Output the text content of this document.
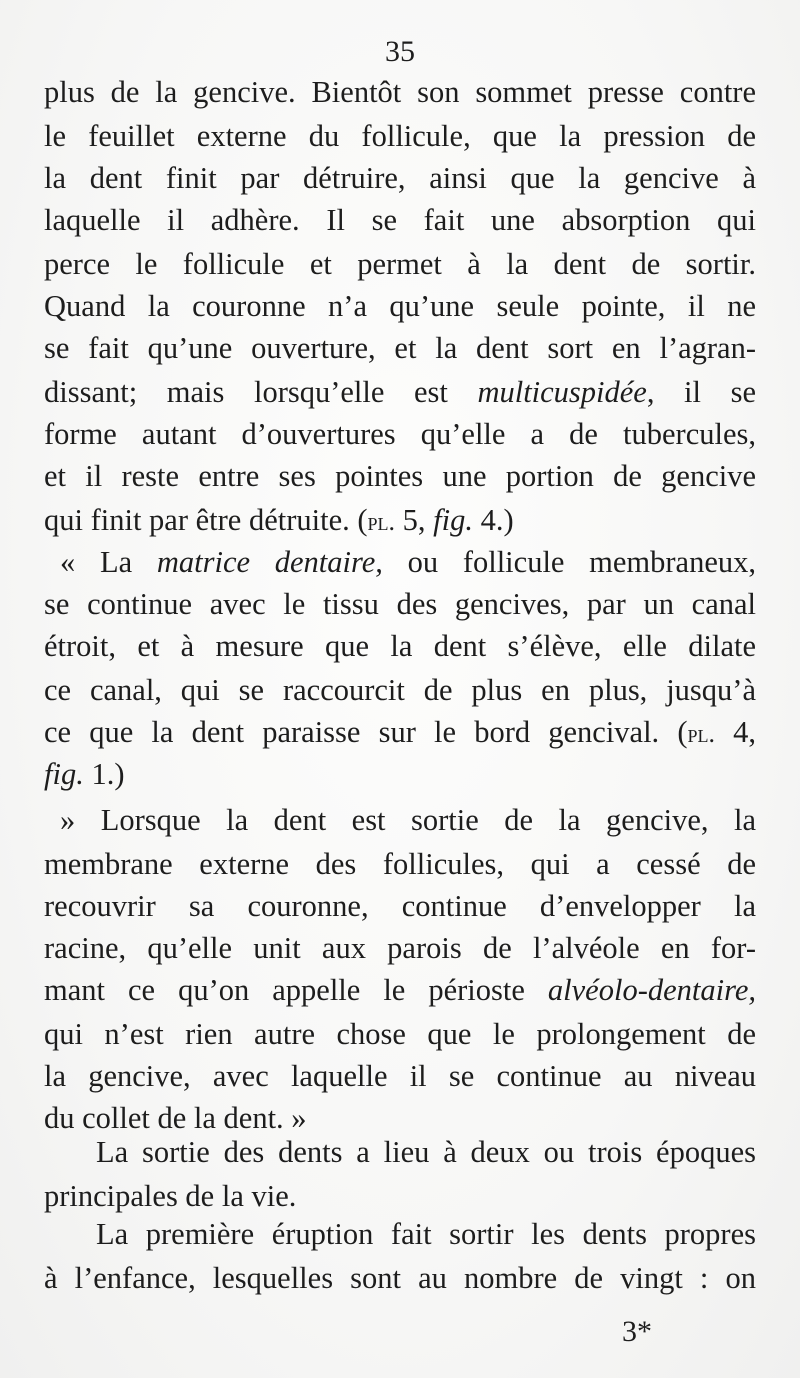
35
plus de la gencive. Bientôt son sommet presse contre
le feuillet externe du follicule, que la pression de
la dent finit par détruire, ainsi que la gencive à
laquelle il adhère. Il se fait une absorption qui
perce le follicule et permet à la dent de sortir.
Quand la couronne n’a qu’une seule pointe, il ne
se fait qu’une ouverture, et la dent sort en l’agran-
dissant; mais lorsqu’elle est multicuspidée, il se
forme autant d’ouvertures qu’elle a de tubercules,
et il reste entre ses pointes une portion de gencive
qui finit par être détruite. (pl. 5, fig. 4.)
« La matrice dentaire, ou follicule membraneux,
se continue avec le tissu des gencives, par un canal
étroit, et à mesure que la dent s’élève, elle dilate
ce canal, qui se raccourcit de plus en plus, jusqu’à
ce que la dent paraisse sur le bord gencival. (pl. 4,
fig. 1.)
» Lorsque la dent est sortie de la gencive, la
membrane externe des follicules, qui a cessé de
recouvrir sa couronne, continue d’envelopper la
racine, qu’elle unit aux parois de l’alvéole en for-
mant ce qu’on appelle le périoste alvéolo-dentaire,
qui n’est rien autre chose que le prolongement de
la gencive, avec laquelle il se continue au niveau
du collet de la dent. »
La sortie des dents a lieu à deux ou trois époques
principales de la vie.
La première éruption fait sortir les dents propres
à l’enfance, lesquelles sont au nombre de vingt : on
3*
